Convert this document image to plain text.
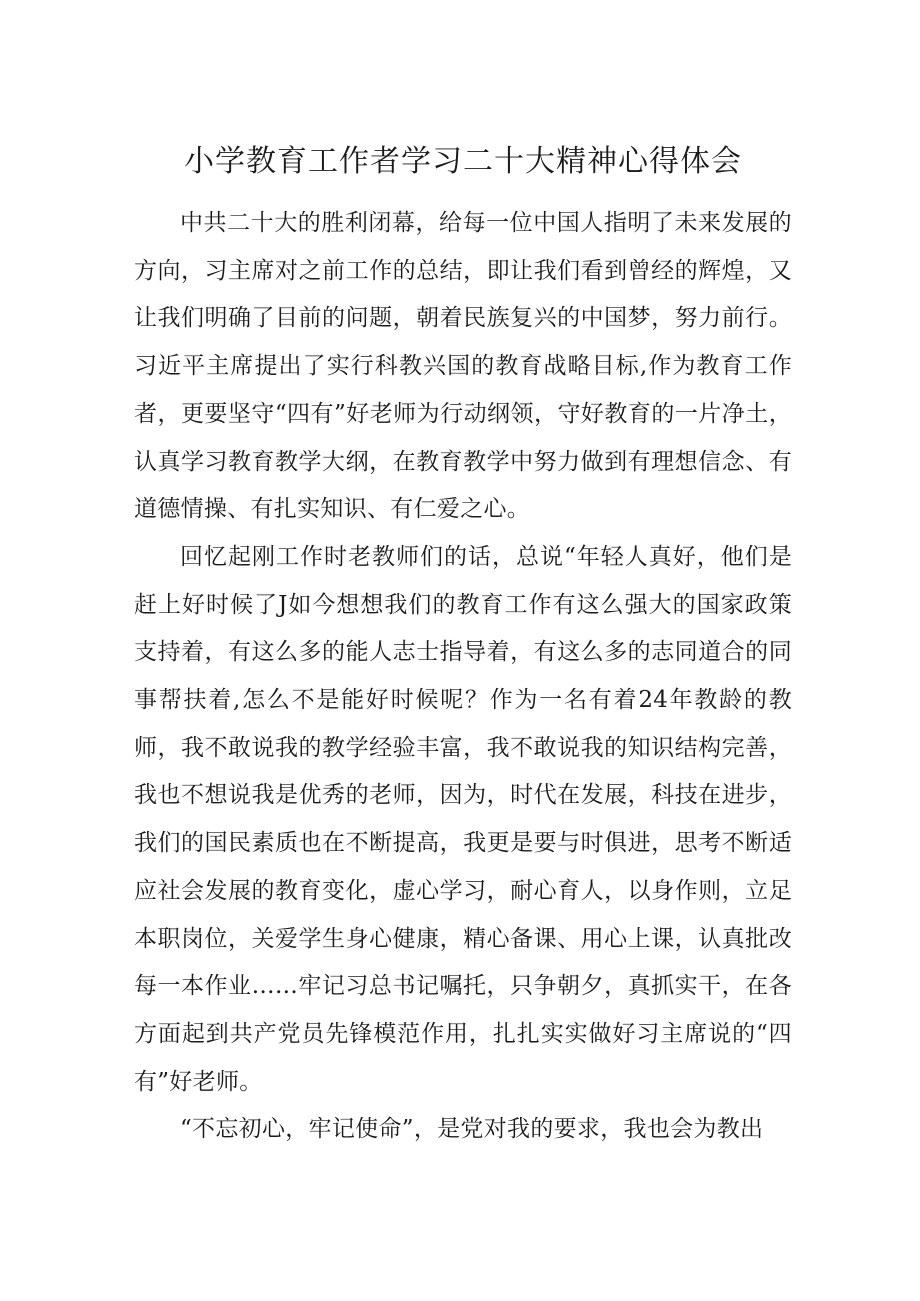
小学教育工作者学习二十大精神心得体会

中共二十大的胜利闭幕，给每一位中国人指明了未来发展的方向，习主席对之前工作的总结，即让我们看到曾经的辉煌，又让我们明确了目前的问题，朝着民族复兴的中国梦，努力前行。习近平主席提出了实行科教兴国的教育战略目标,作为教育工作者，更要坚守“四有”好老师为行动纲领，守好教育的一片净土，认真学习教育教学大纲，在教育教学中努力做到有理想信念、有道德情操、有扎实知识、有仁爱之心。

回忆起刚工作时老教师们的话，总说“年轻人真好，他们是赶上好时候了J如今想想我们的教育工作有这么强大的国家政策支持着，有这么多的能人志士指导着，有这么多的志同道合的同事帮扶着,怎么不是能好时候呢？作为一名有着24年教龄的教师，我不敢说我的教学经验丰富，我不敢说我的知识结构完善，我也不想说我是优秀的老师，因为，时代在发展，科技在进步，我们的国民素质也在不断提高，我更是要与时俱进，思考不断适应社会发展的教育变化，虚心学习，耐心育人，以身作则，立足本职岗位，关爱学生身心健康，精心备课、用心上课，认真批改每一本作业……牢记习总书记嘱托，只争朝夕，真抓实干，在各方面起到共产党员先锋模范作用，扎扎实实做好习主席说的“四有”好老师。

“不忘初心，牢记使命”，是党对我的要求，我也会为教出
